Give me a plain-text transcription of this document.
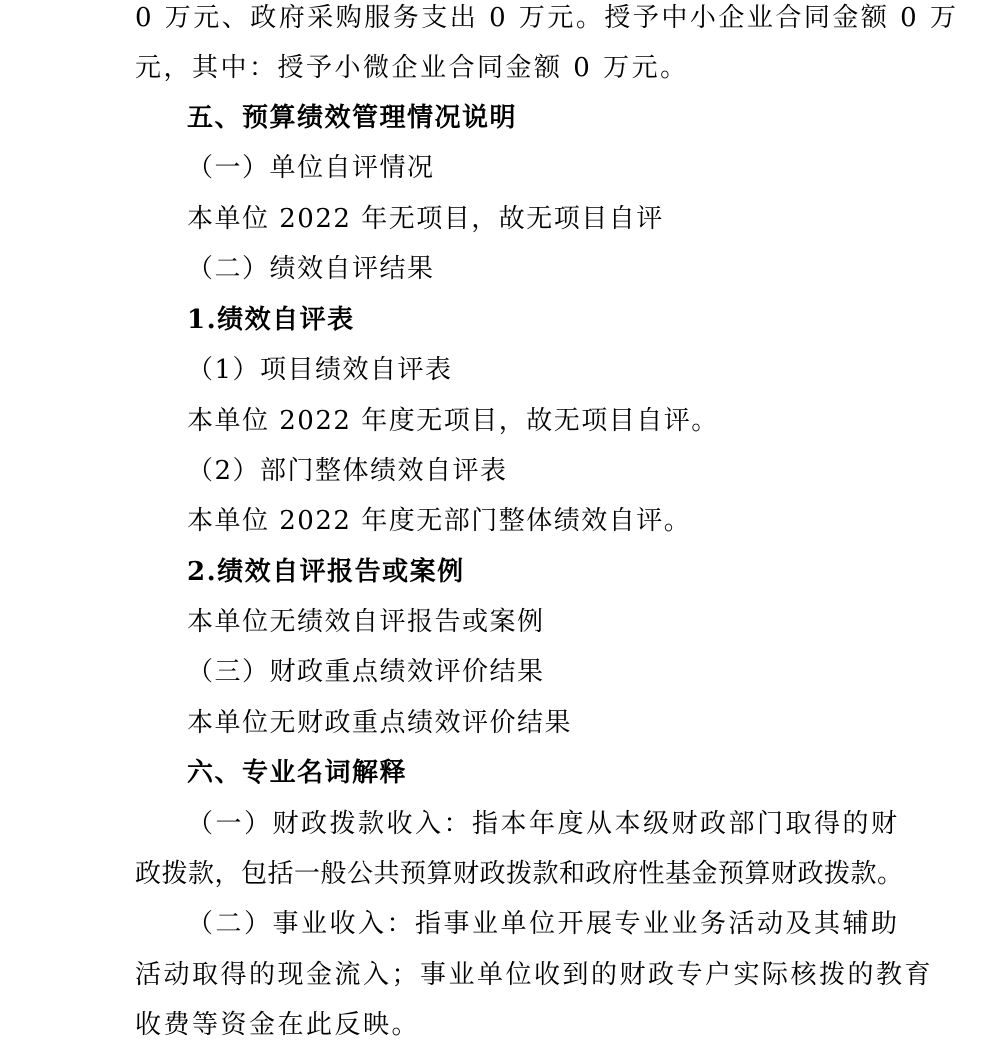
0 万元、政府采购服务支出 0 万元。授予中小企业合同金额 0 万
元，其中：授予小微企业合同金额 0 万元。
五、预算绩效管理情况说明
（一）单位自评情况
本单位 2022 年无项目，故无项目自评
（二）绩效自评结果
1.绩效自评表
（1）项目绩效自评表
本单位 2022 年度无项目，故无项目自评。
（2）部门整体绩效自评表
本单位 2022 年度无部门整体绩效自评。
2.绩效自评报告或案例
本单位无绩效自评报告或案例
（三）财政重点绩效评价结果
本单位无财政重点绩效评价结果
六、专业名词解释
（一）财政拨款收入：指本年度从本级财政部门取得的财
政拨款，包括一般公共预算财政拨款和政府性基金预算财政拨款。
（二）事业收入：指事业单位开展专业业务活动及其辅助
活动取得的现金流入；事业单位收到的财政专户实际核拨的教育
收费等资金在此反映。
